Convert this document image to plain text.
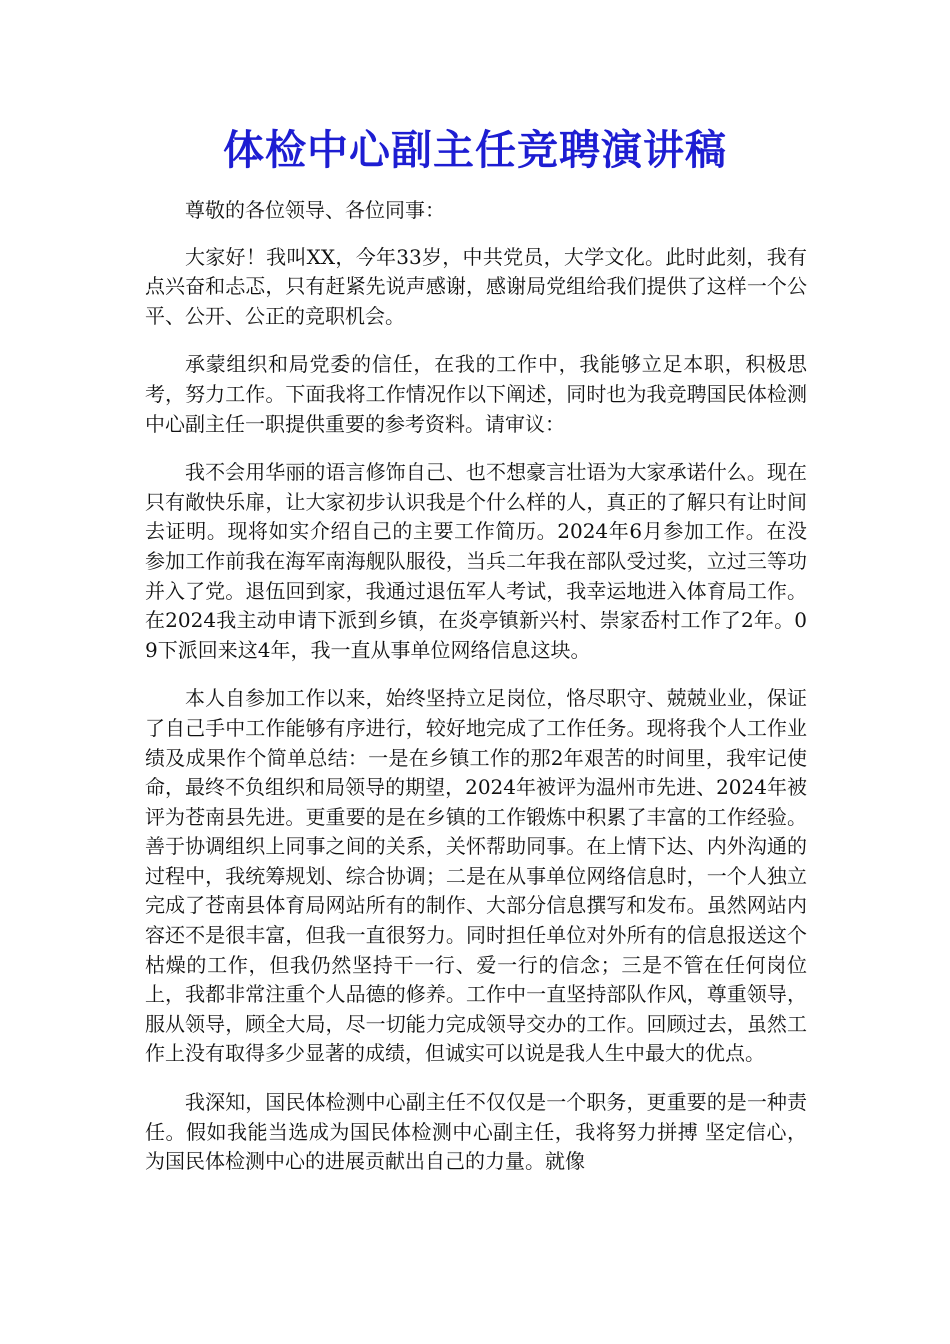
体检中心副主任竞聘演讲稿

尊敬的各位领导、各位同事：

大家好！我叫XX，今年33岁，中共党员，大学文化。此时此刻，我有点兴奋和忐忑，只有赶紧先说声感谢，感谢局党组给我们提供了这样一个公平、公开、公正的竞职机会。

承蒙组织和局党委的信任，在我的工作中，我能够立足本职，积极思考，努力工作。下面我将工作情况作以下阐述，同时也为我竞聘国民体检测中心副主任一职提供重要的参考资料。请审议：

我不会用华丽的语言修饰自己、也不想豪言壮语为大家承诺什么。现在只有敞快乐扉，让大家初步认识我是个什么样的人，真正的了解只有让时间去证明。现将如实介绍自己的主要工作简历。2024年6月参加工作。在没参加工作前我在海军南海舰队服役，当兵二年我在部队受过奖，立过三等功并入了党。退伍回到家，我通过退伍军人考试，我幸运地进入体育局工作。在2024我主动申请下派到乡镇，在炎亭镇新兴村、崇家岙村工作了2年。09下派回来这4年，我一直从事单位网络信息这块。

本人自参加工作以来，始终坚持立足岗位，恪尽职守、兢兢业业，保证了自己手中工作能够有序进行，较好地完成了工作任务。现将我个人工作业绩及成果作个简单总结：一是在乡镇工作的那2年艰苦的时间里，我牢记使命，最终不负组织和局领导的期望，2024年被评为温州市先进、2024年被评为苍南县先进。更重要的是在乡镇的工作锻炼中积累了丰富的工作经验。善于协调组织上同事之间的关系，关怀帮助同事。在上情下达、内外沟通的过程中，我统筹规划、综合协调；二是在从事单位网络信息时，一个人独立完成了苍南县体育局网站所有的制作、大部分信息撰写和发布。虽然网站内容还不是很丰富，但我一直很努力。同时担任单位对外所有的信息报送这个枯燥的工作，但我仍然坚持干一行、爱一行的信念；三是不管在任何岗位上，我都非常注重个人品德的修养。工作中一直坚持部队作风，尊重领导，服从领导，顾全大局，尽一切能力完成领导交办的工作。回顾过去，虽然工作上没有取得多少显著的成绩，但诚实可以说是我人生中最大的优点。

我深知，国民体检测中心副主任不仅仅是一个职务，更重要的是一种责任。假如我能当选成为国民体检测中心副主任，我将努力拼搏 坚定信心，为国民体检测中心的进展贡献出自己的力量。就像
